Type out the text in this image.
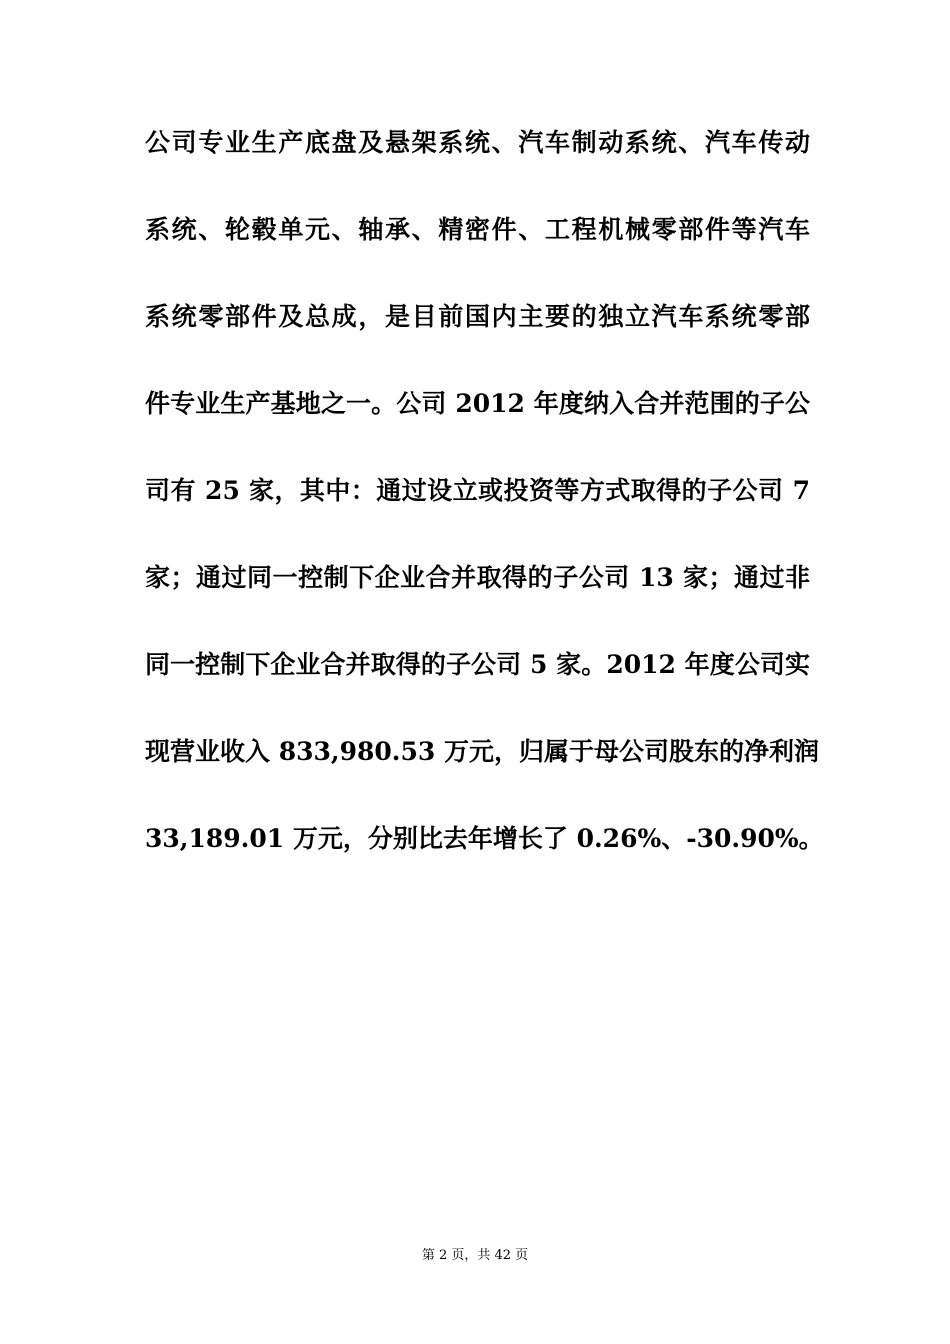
公司专业生产底盘及悬架系统、汽车制动系统、汽车传动
系统、轮毂单元、轴承、精密件、工程机械零部件等汽车
系统零部件及总成，是目前国内主要的独立汽车系统零部
件专业生产基地之一。公司 2012 年度纳入合并范围的子公
司有 25 家，其中：通过设立或投资等方式取得的子公司 7
家；通过同一控制下企业合并取得的子公司 13 家；通过非
同一控制下企业合并取得的子公司 5 家。2012 年度公司实
现营业收入 833,980.53 万元，归属于母公司股东的净利润
33,189.01 万元，分别比去年增长了 0.26%、-30.90%。
第 2 页，共 42 页
